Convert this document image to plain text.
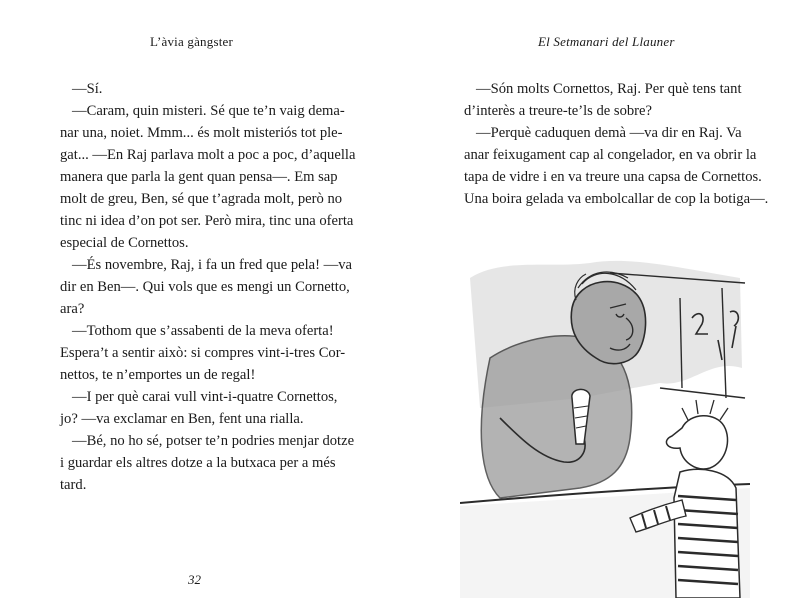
L’àvia gàngster
—Sí.
—Caram, quin misteri. Sé que te’n vaig dema-
nar una, noiet. Mmm... és molt misteriós tot ple-
gat... —En Raj parlava molt a poc a poc, d’aquella
manera que parla la gent quan pensa—. Em sap
molt de greu, Ben, sé que t’agrada molt, però no
tinc ni idea d’on pot ser. Però mira, tinc una oferta
especial de Cornettos.
—És novembre, Raj, i fa un fred que pela! —va
dir en Ben—. Qui vols que es mengi un Cornetto,
ara?
—Tothom que s’assabenti de la meva oferta!
Espera’t a sentir això: si compres vint-i-tres Cor-
nettos, te n’emportes un de regal!
—I per què carai vull vint-i-quatre Cornettos,
jo? —va exclamar en Ben, fent una rialla.
—Bé, no ho sé, potser te’n podries menjar dotze
i guardar els altres dotze a la butxaca per a més
tard.
32
El Setmanari del Llauner
—Són molts Cornettos, Raj. Per què tens tant
d’interès a treure-te’ls de sobre?
—Perquè caduquen demà —va dir en Raj. Va
anar feixugament cap al congelador, en va obrir la
tapa de vidre i en va treure una capsa de Cornettos.
Una boira gelada va embolcallar de cop la botiga—.
